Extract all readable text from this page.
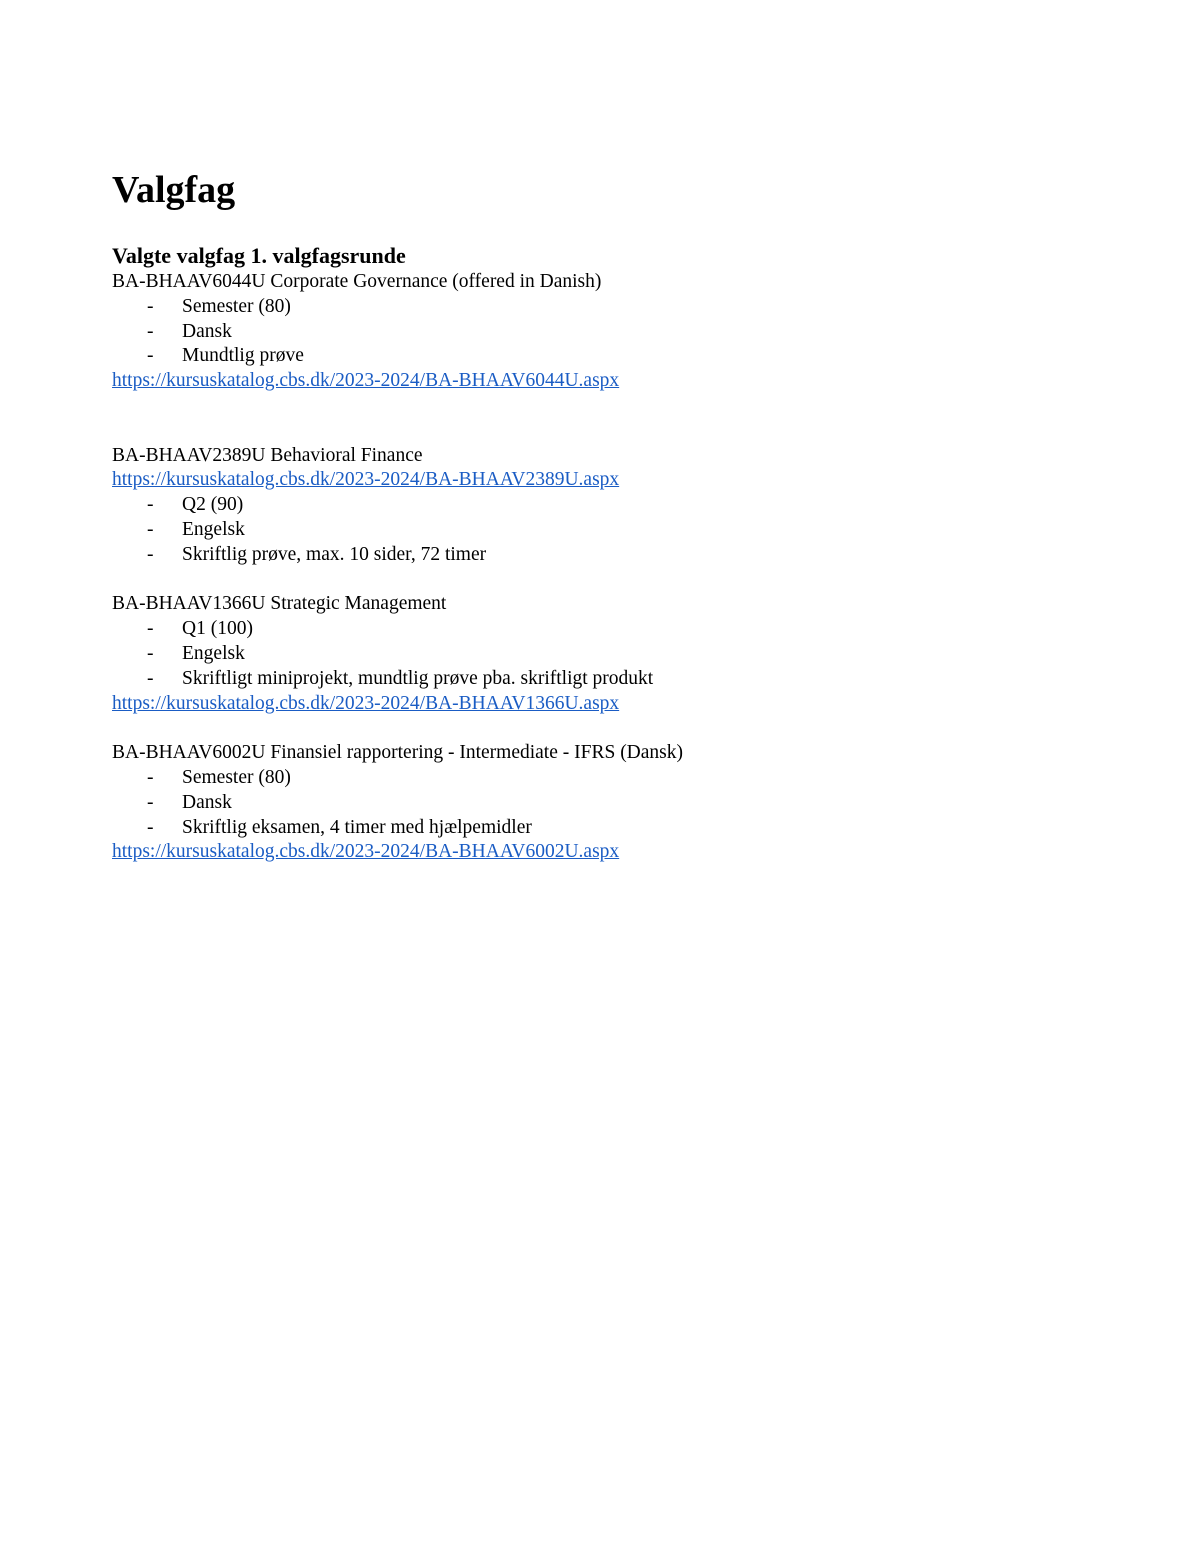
Valgfag
Valgte valgfag 1. valgfagsrunde

BA-BHAAV6044U Corporate Governance (offered in Danish)

- Semester (80)
- Dansk
- Mundtlig prøve

https://kursuskatalog.cbs.dk/2023-2024/BA-BHAAV6044U.aspx

BA-BHAAV2389U Behavioral Finance

https://kursuskatalog.cbs.dk/2023-2024/BA-BHAAV2389U.aspx

- Q2 (90)
- Engelsk
- Skriftlig prøve, max. 10 sider, 72 timer

BA-BHAAV1366U Strategic Management

- Q1 (100)
- Engelsk
- Skriftligt miniprojekt, mundtlig prøve pba. skriftligt produkt

https://kursuskatalog.cbs.dk/2023-2024/BA-BHAAV1366U.aspx

BA-BHAAV6002U Finansiel rapportering - Intermediate - IFRS (Dansk)

- Semester (80)
- Dansk
- Skriftlig eksamen, 4 timer med hjælpemidler

https://kursuskatalog.cbs.dk/2023-2024/BA-BHAAV6002U.aspx
